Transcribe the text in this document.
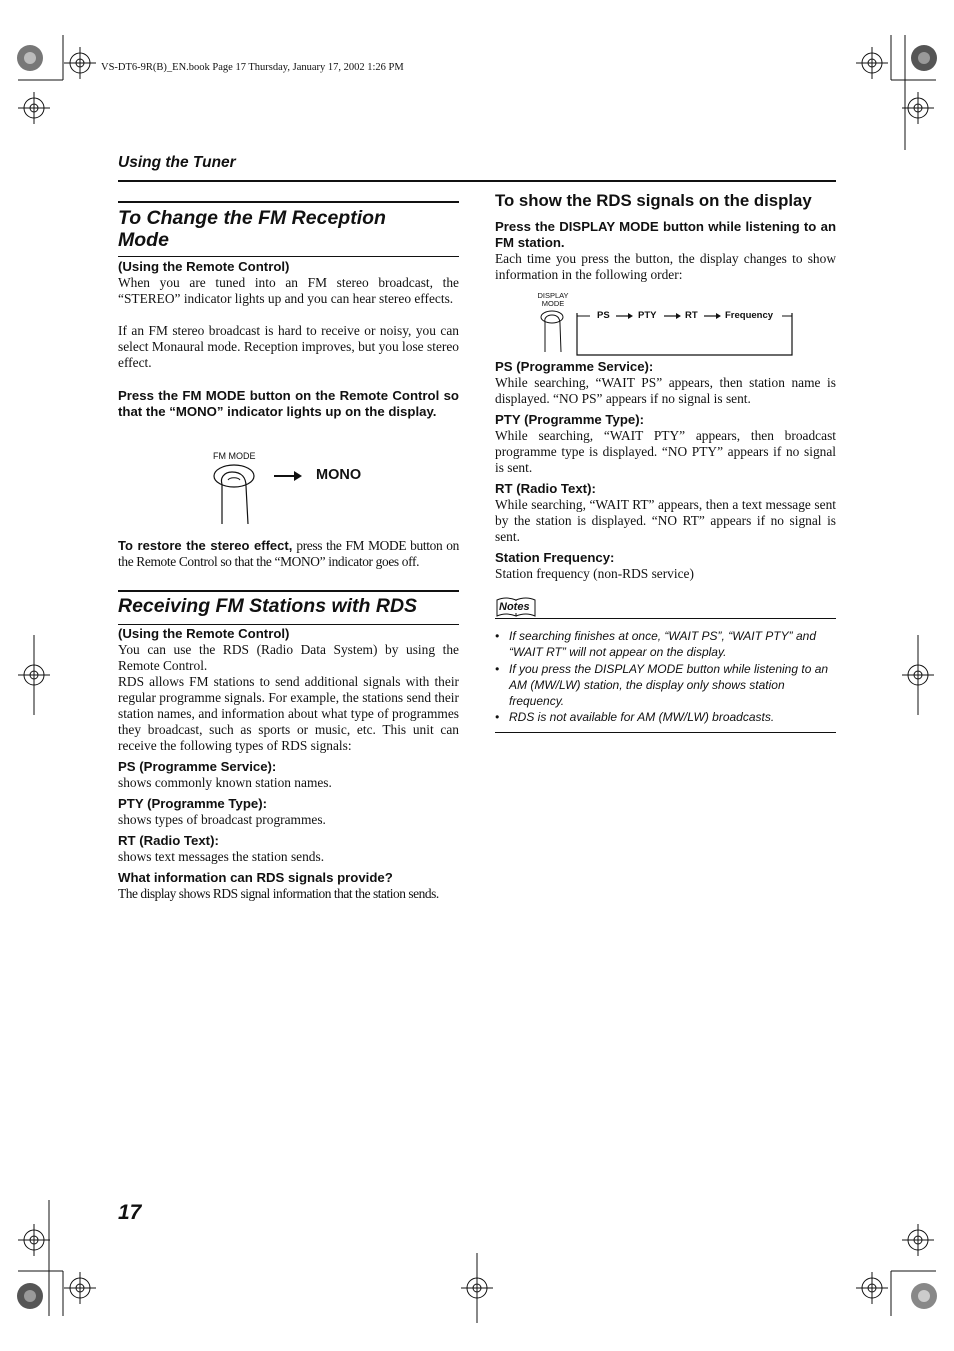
VS-DT6-9R(B)_EN.book Page 17 Thursday, January 17, 2002 1:26 PM
Using the Tuner
To Change the FM Reception
Mode
(Using the Remote Control)
When you are tuned into an FM stereo broadcast, the “STEREO” indicator lights up and you can hear stereo effects.
If an FM stereo broadcast is hard to receive or noisy, you can select Monaural mode. Reception improves, but you lose stereo effect.
Press the FM MODE button on the Remote Control so that the “MONO” indicator lights up on the display.
FM MODE
MONO
To restore the stereo effect, press the FM MODE button on the Remote Control so that the “MONO” indicator goes off.
Receiving FM Stations with RDS
(Using the Remote Control)
You can use the RDS (Radio Data System) by using the Remote Control.
RDS allows FM stations to send additional signals with their regular programme signals. For example, the stations send their station names, and information about what type of programmes they broadcast, such as sports or music, etc. This unit can receive the following types of RDS signals:
PS (Programme Service):
shows commonly known station names.
PTY (Programme Type):
shows types of broadcast programmes.
RT (Radio Text):
shows text messages the station sends.
What information can RDS signals provide?
The display shows RDS signal information that the station sends.
To show the RDS signals on the display
Press the DISPLAY MODE button while listening to an FM station.
Each time you press the button, the display changes to show information in the following order:
DISPLAY
MODE
PS	PTY	RT	Frequency
PS (Programme Service):
While searching, “WAIT PS” appears, then station name is displayed. “NO PS” appears if no signal is sent.
PTY (Programme Type):
While searching, “WAIT PTY” appears, then broadcast programme type is displayed. “NO PTY” appears if no signal is sent.
RT (Radio Text):
While searching, “WAIT RT” appears, then a text message sent by the station is displayed. “NO RT” appears if no signal is sent.
Station Frequency:
Station frequency (non-RDS service)
Notes
• If searching finishes at once, “WAIT PS”, “WAIT PTY” and “WAIT RT” will not appear on the display.
• If you press the DISPLAY MODE button while listening to an AM (MW/LW) station, the display only shows station frequency.
• RDS is not available for AM (MW/LW) broadcasts.
17
